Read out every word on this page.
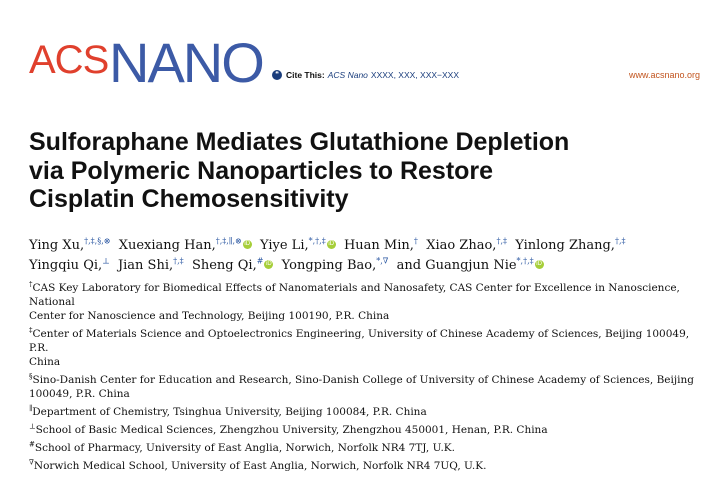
ACS NANO	❝ Cite This: ACS Nano XXXX, XXX, XXX−XXX	www.acsnano.org
Sulforaphane Mediates Glutathione Depletion
via Polymeric Nanoparticles to Restore
Cisplatin Chemosensitivity
Ying Xu,†,‡,§,⊗ Xuexiang Han,†,‡,∥,⊗ iD Yiye Li,*,†,‡ iD Huan Min,† Xiao Zhao,†,‡ Yinlong Zhang,†,‡
Yingqiu Qi,⊥ Jian Shi,†,‡ Sheng Qi,# iD Yongping Bao,*,∇ and Guangjun Nie*,†,‡ iD
†CAS Key Laboratory for Biomedical Effects of Nanomaterials and Nanosafety, CAS Center for Excellence in Nanoscience, National
Center for Nanoscience and Technology, Beijing 100190, P.R. China
‡Center of Materials Science and Optoelectronics Engineering, University of Chinese Academy of Sciences, Beijing 100049, P.R.
China
§Sino-Danish Center for Education and Research, Sino-Danish College of University of Chinese Academy of Sciences, Beijing
100049, P.R. China
∥Department of Chemistry, Tsinghua University, Beijing 100084, P.R. China
⊥School of Basic Medical Sciences, Zhengzhou University, Zhengzhou 450001, Henan, P.R. China
#School of Pharmacy, University of East Anglia, Norwich, Norfolk NR4 7TJ, U.K.
∇Norwich Medical School, University of East Anglia, Norwich, Norfolk NR4 7UQ, U.K.
